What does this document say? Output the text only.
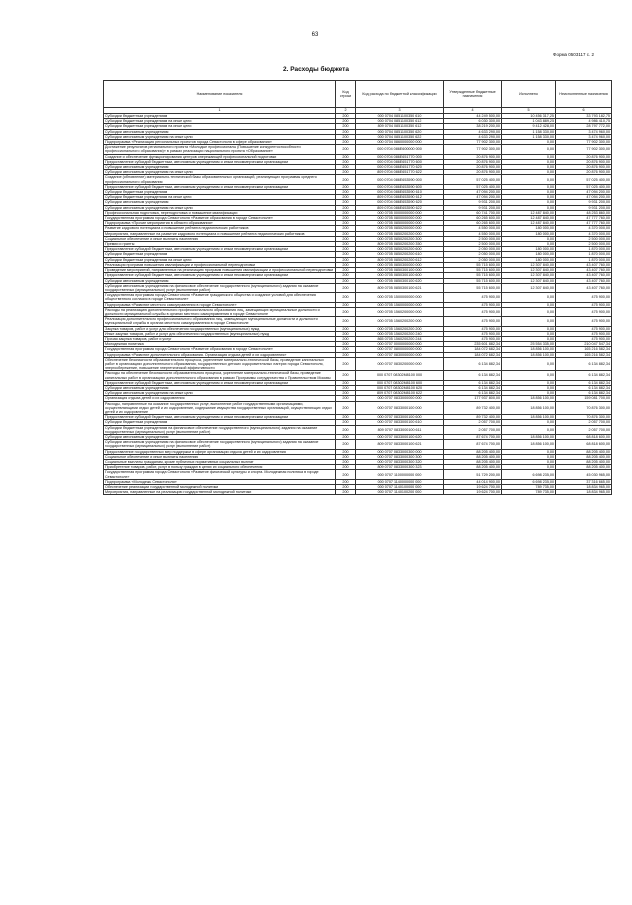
63
Форма 0503117 с. 2
2. Расходы бюджета
Наименование показателя	Код строки	Код расхода по бюджетной классификации	Утвержденные бюджетные назначения	Исполнено	Неисполненные назначения
1	2	3	4	5	6
Субсидии бюджетным учреждениям	200	000 0704 0851100350 610	44 249 500,00	10 456 317,25	33 793 182,75
Субсидии бюджетным учреждениям на иные цели	200	000 0704 0851100350 612	6 030 300,00	1 043 889,25	4 986 410,75
Субсидии бюджетным учреждениям на иные цели	200	809 0704 0851100350 612	38 219 200,00	9 412 428,00	28 797 772,00
Субсидии автономным учреждениям	200	000 0704 0851100350 620	4 633 290,00	1 158 330,00	3 474 960,00
Субсидии автономным учреждениям на иные цели	200	000 0704 0851100350 622	4 633 290,00	1 158 330,00	3 474 960,00
Подпрограмма «Реализация региональных проектов города Севастополя в сфере образования»	200	000 0704 0860000000 000	77 902 300,00	0,00	77 902 300,00
Достижение результатов регионального проекта «Молодые профессионалы (Повышение конкурентоспособности профессионального образования)» в рамках реализации национального проекта «Образование»	200	000 0704 086E600000 000	77 902 300,00	0,00	77 902 300,00
Создание и обеспечение функционирования центров опережающей профессиональной подготовки	200	000 0704 086E651770 000	20 876 900,00	0,00	20 876 900,00
Предоставление субсидий бюджетным, автономным учреждениям и иным некоммерческим организациям	200	000 0704 086E651770 600	20 876 900,00	0,00	20 876 900,00
Субсидии автономным учреждениям	200	000 0704 086E651770 620	20 876 900,00	0,00	20 876 900,00
Субсидии автономным учреждениям на иные цели	200	809 0704 086E651770 622	20 876 900,00	0,00	20 876 900,00
Создание (обновление) материально-технической базы образовательных организаций, реализующих программы среднего профессионального образования	200	000 0704 086E653590 000	57 025 400,00	0,00	57 025 400,00
Предоставление субсидий бюджетным, автономным учреждениям и иным некоммерческим организациям	200	000 0704 086E653590 600	57 025 400,00	0,00	57 025 400,00
Субсидии бюджетным учреждениям	200	000 0704 086E653590 610	47 094 200,00	0,00	47 094 200,00
Субсидии бюджетным учреждениям на иные цели	200	809 0704 086E653590 612	47 094 200,00	0,00	47 094 200,00
Субсидии автономным учреждениям	200	000 0704 086E653590 620	9 931 200,00	0,00	9 931 200,00
Субсидии автономным учреждениям на иные цели	200	809 0704 086E653590 622	9 931 200,00	0,00	9 931 200,00
Профессиональная подготовка, переподготовка и повышение квалификации	200	000 0705 0000000000 000	60 741 700,00	12 487 840,00	48 253 860,00
Государственная программа города Севастополя «Развитие образования в городе Севастополе»	200	000 0705 0800000000 000	60 265 600,00	12 487 840,00	47 777 760,00
Подпрограмма «Прочие мероприятия в области образования»	200	000 0705 0850000000 000	60 265 600,00	12 487 840,00	47 777 760,00
Развитие кадрового потенциала и повышение рейтинга педагогических работников	200	000 0705 0850200000 000	4 550 000,00	180 000,00	4 370 000,00
Мероприятия, направленные на развитие кадрового потенциала и повышение рейтинга педагогических работников	200	000 0705 0850200200 000	4 550 000,00	180 000,00	4 370 000,00
Социальное обеспечение и иные выплаты населению	200	000 0705 0850200200 300	2 500 000,00	0,00	2 500 000,00
Премии и гранты	200	809 0705 0850200200 350	2 500 000,00	0,00	2 500 000,00
Предоставление субсидий бюджетным, автономным учреждениям и иным некоммерческим организациям	200	000 0705 0850200200 600	2 050 000,00	180 000,00	1 870 000,00
Субсидии бюджетным учреждениям	200	000 0705 0850200200 610	2 050 000,00	180 000,00	1 870 000,00
Субсидии бюджетным учреждениям на иные цели	200	809 0705 0850200200 612	2 050 000,00	180 000,00	1 870 000,00
Реализация программ повышения квалификации и профессиональной переподготовки	200	000 0705 0850300000 000	55 715 600,00	12 307 840,00	43 407 760,00
Проведение мероприятий, направленных на реализацию программ повышения квалификации и профессиональной переподготовки	200	000 0705 0850300100 000	55 715 600,00	12 307 840,00	43 407 760,00
Предоставление субсидий бюджетным, автономным учреждениям и иным некоммерческим организациям	200	000 0705 0850300100 600	55 715 600,00	12 307 840,00	43 407 760,00
Субсидии автономным учреждениям	200	000 0705 0850300100 620	55 715 600,00	12 307 840,00	43 407 760,00
Субсидии автономным учреждениям на финансовое обеспечение государственного (муниципального) задания на оказание государственных (муниципальных) услуг (выполнение работ)	200	809 0705 0850300100 621	55 715 600,00	12 307 840,00	43 407 760,00
Государственная программа города Севастополя «Развитие гражданского общества и создание условий для обеспечения общественного согласия в городе Севастополе»	200	000 0705 1500000000 000	475 900,00	0,00	475 900,00
Подпрограмма «Развитие местного самоуправления в городе Севастополе»	200	000 0705 1560000000 000	475 900,00	0,00	475 900,00
Расходы на реализацию дополнительного профессионального образования лиц, замещающих муниципальные должности и должности муниципальной службы в органах местного самоуправления в городе Севастополе	200	000 0705 1560200000 000	475 900,00	0,00	475 900,00
Реализация дополнительного профессионального образования лиц, замещающих муниципальные должности и должности муниципальной службы в органах местного самоуправления в городе Севастополе	200	000 0705 1560200200 000	475 900,00	0,00	475 900,00
Закупка товаров, работ и услуг для обеспечения государственных (муниципальных) нужд	200	000 0705 1560200200 200	475 900,00	0,00	475 900,00
Иные закупки товаров, работ и услуг для обеспечения государственных (муниципальных) нужд	200	000 0705 1560200200 240	475 900,00	0,00	475 900,00
Прочая закупка товаров, работ и услуг	200	865 0705 1560200200 244	475 900,00	0,00	475 900,00
Молодежная политика	200	000 0707 0000000000 000	235 601 882,34	25 554 335,00	210 047 547,34
Государственная программа города Севастополя «Развитие образования в городе Севастополе»	200	000 0707 0800000000 000	184 072 682,34	18 856 100,00	165 216 582,34
Подпрограмма «Развитие дополнительного образования. Организация отдыха детей и их оздоровления»	200	000 0707 0830000000 000	184 072 682,34	18 856 100,00	165 216 582,34
Обеспечение безопасности образовательного процесса, укрепление материально-технической базы, проведение капитальных работ в организациях дополнительного образования, государственных детских оздоровительных лагерях города Севастополя, энергосбережение, повышение энергетической эффективности	200	000 0707 0830200000 000	6 134 882,34	0,00	6 134 882,34
Расходы на обеспечение безопасности образовательного процесса, укрепление материально-технической базы, проведение капитальных работ в организациях дополнительного образования в рамках Программы сотрудничества с Правительством Москвы	200	000 0707 08302M8100 000	6 134 882,34	0,00	6 134 882,34
Предоставление субсидий бюджетным, автономным учреждениям и иным некоммерческим организациям	200	000 0707 08302M8100 600	6 134 882,34	0,00	6 134 882,34
Субсидии автономным учреждениям	200	000 0707 08302M8100 620	6 134 882,34	0,00	6 134 882,34
Субсидии автономным учреждениям на иные цели	200	809 0707 08302M8100 622	6 134 882,34	0,00	6 134 882,34
Организация отдыха детей и их оздоровления	200	000 0707 0833000000 000	177 937 800,00	18 856 100,00	159 081 700,00
Расходы, направленные на оказание государственных услуг, выполнение работ государственными организациями, осуществляющими отдых детей и их оздоровление, содержание имущества государственных организаций, осуществляющих отдых детей и их оздоровление	200	000 0707 0833000100 000	89 732 400,00	18 856 100,00	70 876 300,00
Предоставление субсидий бюджетным, автономным учреждениям и иным некоммерческим организациям	200	000 0707 0833000100 600	89 732 400,00	18 856 100,00	70 876 300,00
Субсидии бюджетным учреждениям	200	000 0707 0833000100 610	2 057 700,00	0,00	2 057 700,00
Субсидии бюджетным учреждениям на финансовое обеспечение государственного (муниципального) задания на оказание государственных (муниципальных) услуг (выполнение работ)	200	809 0707 0833000100 611	2 057 700,00	0,00	2 057 700,00
Субсидии автономным учреждениям	200	000 0707 0833000100 620	87 674 700,00	18 856 100,00	68 818 600,00
Субсидии автономным учреждениям на финансовое обеспечение государственного (муниципального) задания на оказание государственных (муниципальных) услуг (выполнение работ)	200	809 0707 0833000100 621	87 674 700,00	18 856 100,00	68 818 600,00
Предоставление государственных мер поддержки в сфере организации отдыха детей и их оздоровления	200	000 0707 0833000300 000	88 205 400,00	0,00	88 205 400,00
Социальное обеспечение и иные выплаты населению	200	000 0707 0833000300 300	88 205 400,00	0,00	88 205 400,00
Социальные выплаты гражданам, кроме публичных нормативных социальных выплат	200	000 0707 0833000300 320	88 205 400,00	0,00	88 205 400,00
Приобретение товаров, работ, услуг в пользу граждан в целях их социального обеспечения	200	809 0707 0833000300 323	88 205 400,00	0,00	88 205 400,00
Государственная программа города Севастополя «Развитие физической культуры и спорта. Молодежная политика в городе Севастополе»	200	000 0707 1100000000 000	51 729 200,00	6 698 235,00	45 030 965,00
Подпрограмма «Молодежь Севастополя»	200	000 0707 1140000000 000	44 014 900,00	6 698 235,00	37 316 665,00
Обеспечение реализации государственной молодежной политики	200	000 0707 1140100000 000	19 624 700,00	789 735,00	18 834 965,00
Мероприятия, направленные на реализацию государственной молодежной политики	200	000 0707 1140100200 000	19 624 700,00	789 735,00	18 834 965,00
